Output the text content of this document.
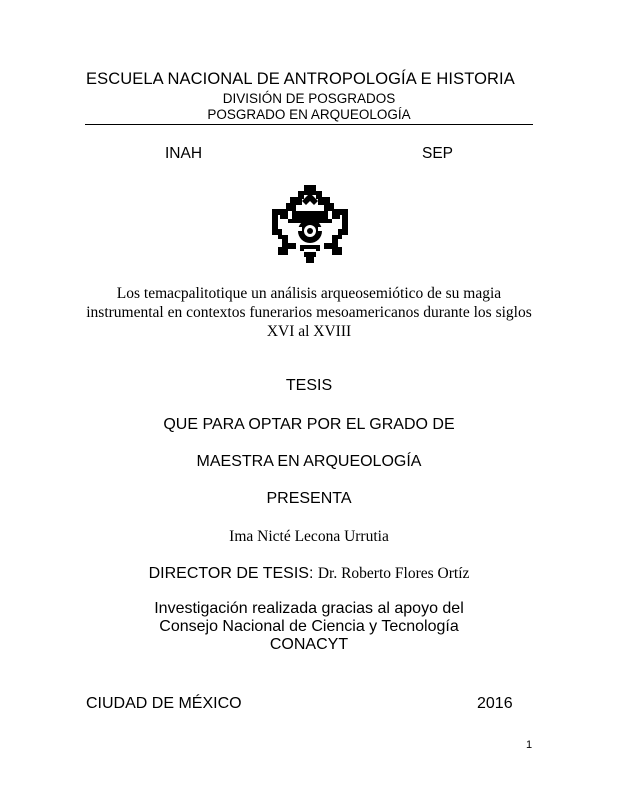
ESCUELA NACIONAL DE ANTROPOLOGÍA E HISTORIA
DIVISIÓN DE POSGRADOS
POSGRADO EN ARQUEOLOGÍA
INAH	SEP
Los temacpalitotique un análisis arqueosemiótico de su magia instrumental en contextos funerarios mesoamericanos durante los siglos XVI al XVIII
TESIS
QUE PARA OPTAR POR EL GRADO DE
MAESTRA EN ARQUEOLOGÍA
PRESENTA
Ima Nicté Lecona Urrutia
DIRECTOR DE TESIS: Dr. Roberto Flores Ortíz
Investigación realizada gracias al apoyo del
Consejo Nacional de Ciencia y Tecnología
CONACYT
CIUDAD DE MÉXICO	2016
1
